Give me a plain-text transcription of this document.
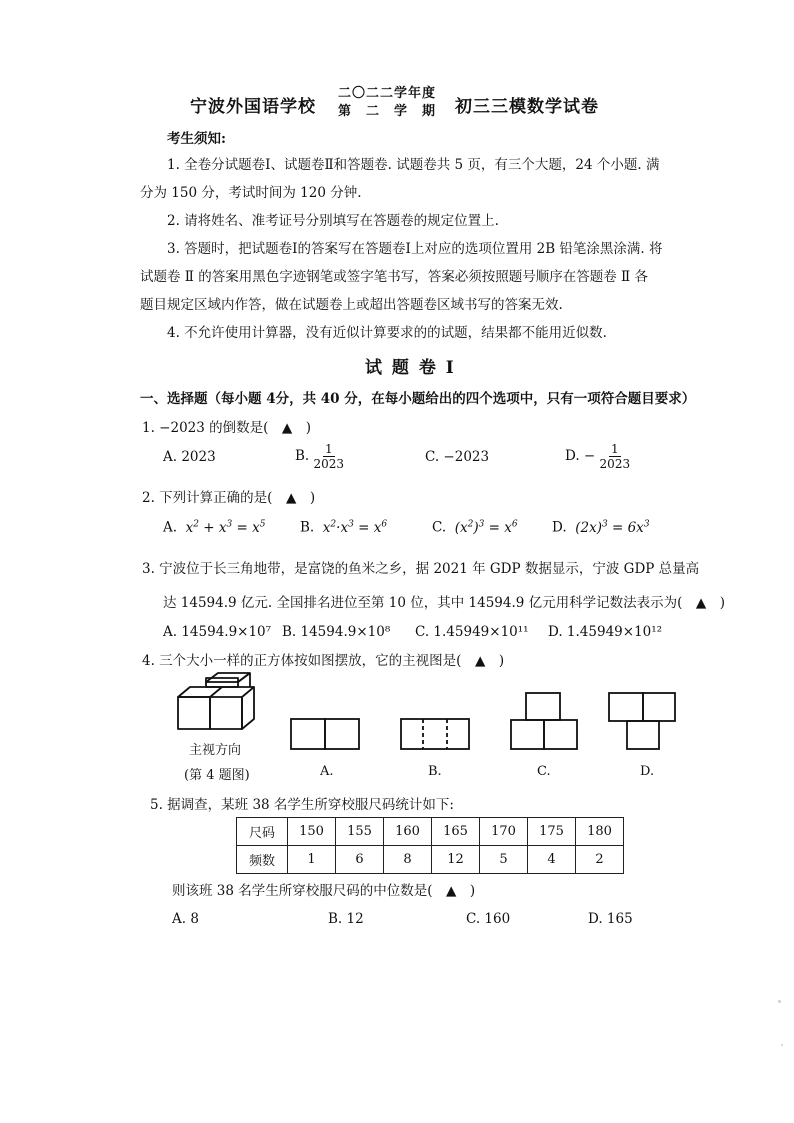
宁波外国语学校
二〇二二学年度
第　二　学　期 初三三模数学试卷
考生须知:
1. 全卷分试题卷Ⅰ、试题卷Ⅱ和答题卷. 试题卷共 5 页，有三个大题，24 个小题. 满
分为 150 分，考试时间为 120 分钟.
2. 请将姓名、准考证号分别填写在答题卷的规定位置上.
3. 答题时，把试题卷Ⅰ的答案写在答题卷Ⅰ上对应的选项位置用 2B 铅笔涂黑涂满. 将
试题卷 Ⅱ 的答案用黑色字迹钢笔或签字笔书写，答案必须按照题号顺序在答题卷 Ⅱ 各
题目规定区域内作答，做在试题卷上或超出答题卷区域书写的答案无效.
4. 不允许使用计算器，没有近似计算要求的的试题，结果都不能用近似数.
试 题 卷 Ⅰ
一、选择题（每小题 4分，共 40 分，在每小题给出的四个选项中，只有一项符合题目要求）
1. −2023 的倒数是(　▲　)
A. 2023	B. $\frac{1}{2023}$	C. −2023	D. − $\frac{1}{2023}$
2. 下列计算正确的是(　▲　)
A.  $x^2 + x^3 = x^5$	B.  $x^2\cdot x^3 = x^6$	C.  $(x^2)^3 = x^6$	D.  $(2x)^3 = 6x^3$
3. 宁波位于长三角地带，是富饶的鱼米之乡，据 2021 年 GDP 数据显示，宁波 GDP 总量高
达 14594.9 亿元. 全国排名进位至第 10 位，其中 14594.9 亿元用科学记数法表示为(　▲　)
A. 14594.9×10⁷ B. 14594.9×10⁸ C. 1.45949×10¹¹ D. 1.45949×10¹²
4. 三个大小一样的正方体按如图摆放，它的主视图是(　▲　)
主视方向
(第 4 题图)	A.	B.	C.	D.
5. 据调查，某班 38 名学生所穿校服尺码统计如下:
尺码	150	155	160	165	170	175	180
频数	1	6	8	12	5	4	2
则该班 38 名学生所穿校服尺码的中位数是(　▲　)
A. 8	B. 12	C. 160	D. 165
